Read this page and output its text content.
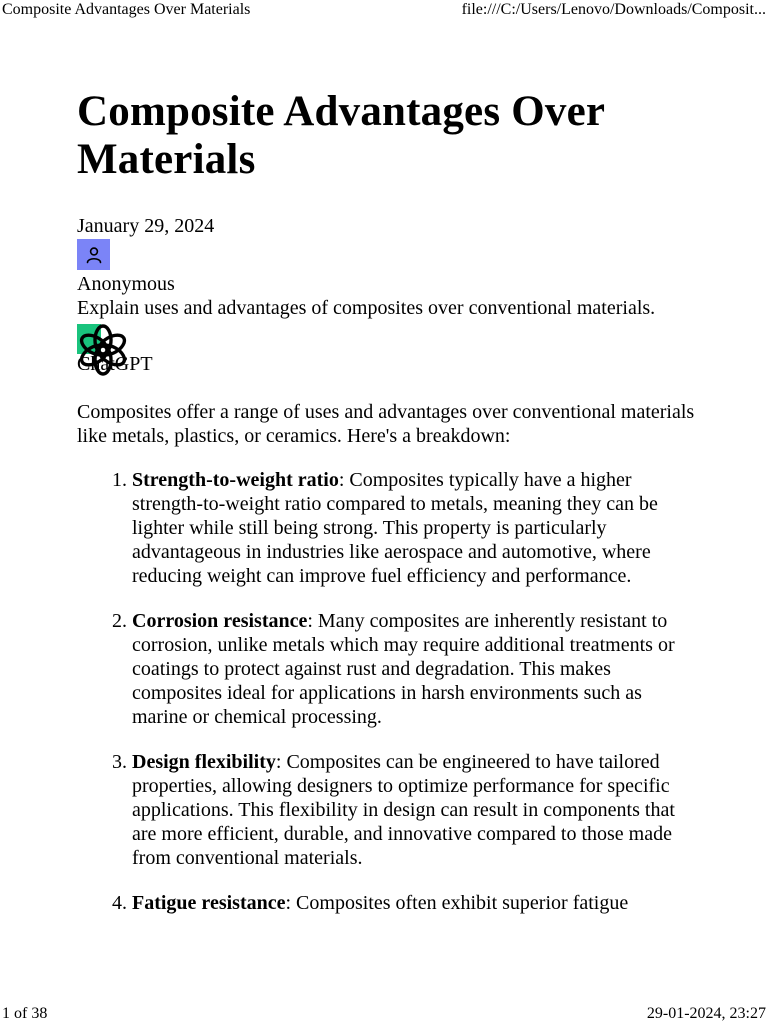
Composite Advantages Over Materials	file:///C:/Users/Lenovo/Downloads/Composit...
Composite Advantages Over Materials
January 29, 2024
Anonymous
Explain uses and advantages of composites over conventional materials.
ChatGPT
Composites offer a range of uses and advantages over conventional materials like metals, plastics, or ceramics. Here's a breakdown:
1. Strength-to-weight ratio: Composites typically have a higher strength-to-weight ratio compared to metals, meaning they can be lighter while still being strong. This property is particularly advantageous in industries like aerospace and automotive, where reducing weight can improve fuel efficiency and performance.
2. Corrosion resistance: Many composites are inherently resistant to corrosion, unlike metals which may require additional treatments or coatings to protect against rust and degradation. This makes composites ideal for applications in harsh environments such as marine or chemical processing.
3. Design flexibility: Composites can be engineered to have tailored properties, allowing designers to optimize performance for specific applications. This flexibility in design can result in components that are more efficient, durable, and innovative compared to those made from conventional materials.
4. Fatigue resistance: Composites often exhibit superior fatigue
1 of 38	29-01-2024, 23:27
